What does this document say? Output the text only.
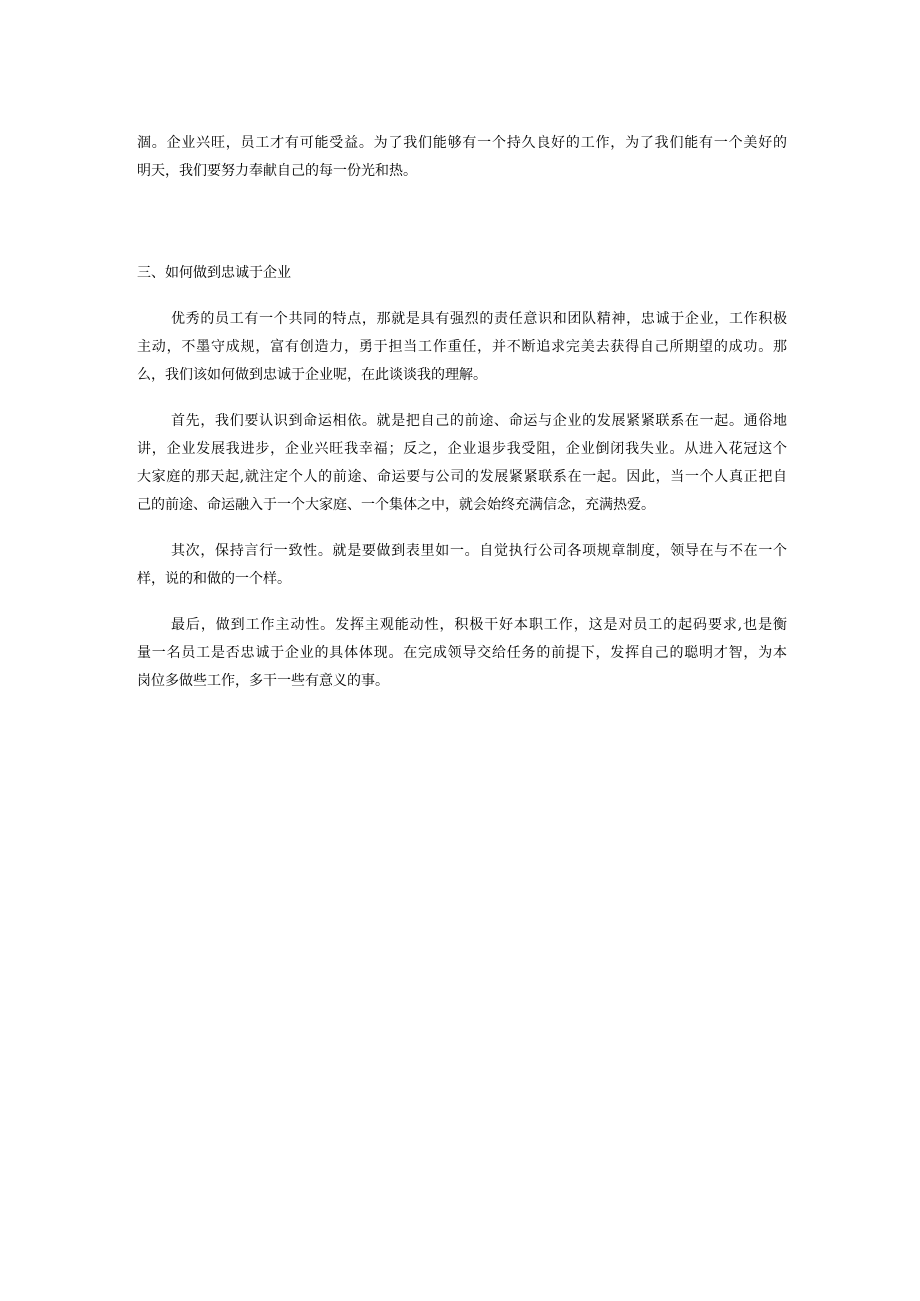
涸。企业兴旺，员工才有可能受益。为了我们能够有一个持久良好的工作，为了我们能有一个美好的
明天，我们要努力奉献自己的每一份光和热。

三、如何做到忠诚于企业

优秀的员工有一个共同的特点，那就是具有强烈的责任意识和团队精神，忠诚于企业，工作积极
主动，不墨守成规，富有创造力，勇于担当工作重任，并不断追求完美去获得自己所期望的成功。那
么，我们该如何做到忠诚于企业呢，在此谈谈我的理解。

首先，我们要认识到命运相依。就是把自己的前途、命运与企业的发展紧紧联系在一起。通俗地
讲，企业发展我进步，企业兴旺我幸福；反之，企业退步我受阻，企业倒闭我失业。从进入花冠这个
大家庭的那天起,就注定个人的前途、命运要与公司的发展紧紧联系在一起。因此，当一个人真正把自
己的前途、命运融入于一个大家庭、一个集体之中，就会始终充满信念，充满热爱。

其次，保持言行一致性。就是要做到表里如一。自觉执行公司各项规章制度，领导在与不在一个
样，说的和做的一个样。

最后，做到工作主动性。发挥主观能动性，积极干好本职工作，这是对员工的起码要求,也是衡
量一名员工是否忠诚于企业的具体体现。在完成领导交给任务的前提下，发挥自己的聪明才智，为本
岗位多做些工作，多干一些有意义的事。
